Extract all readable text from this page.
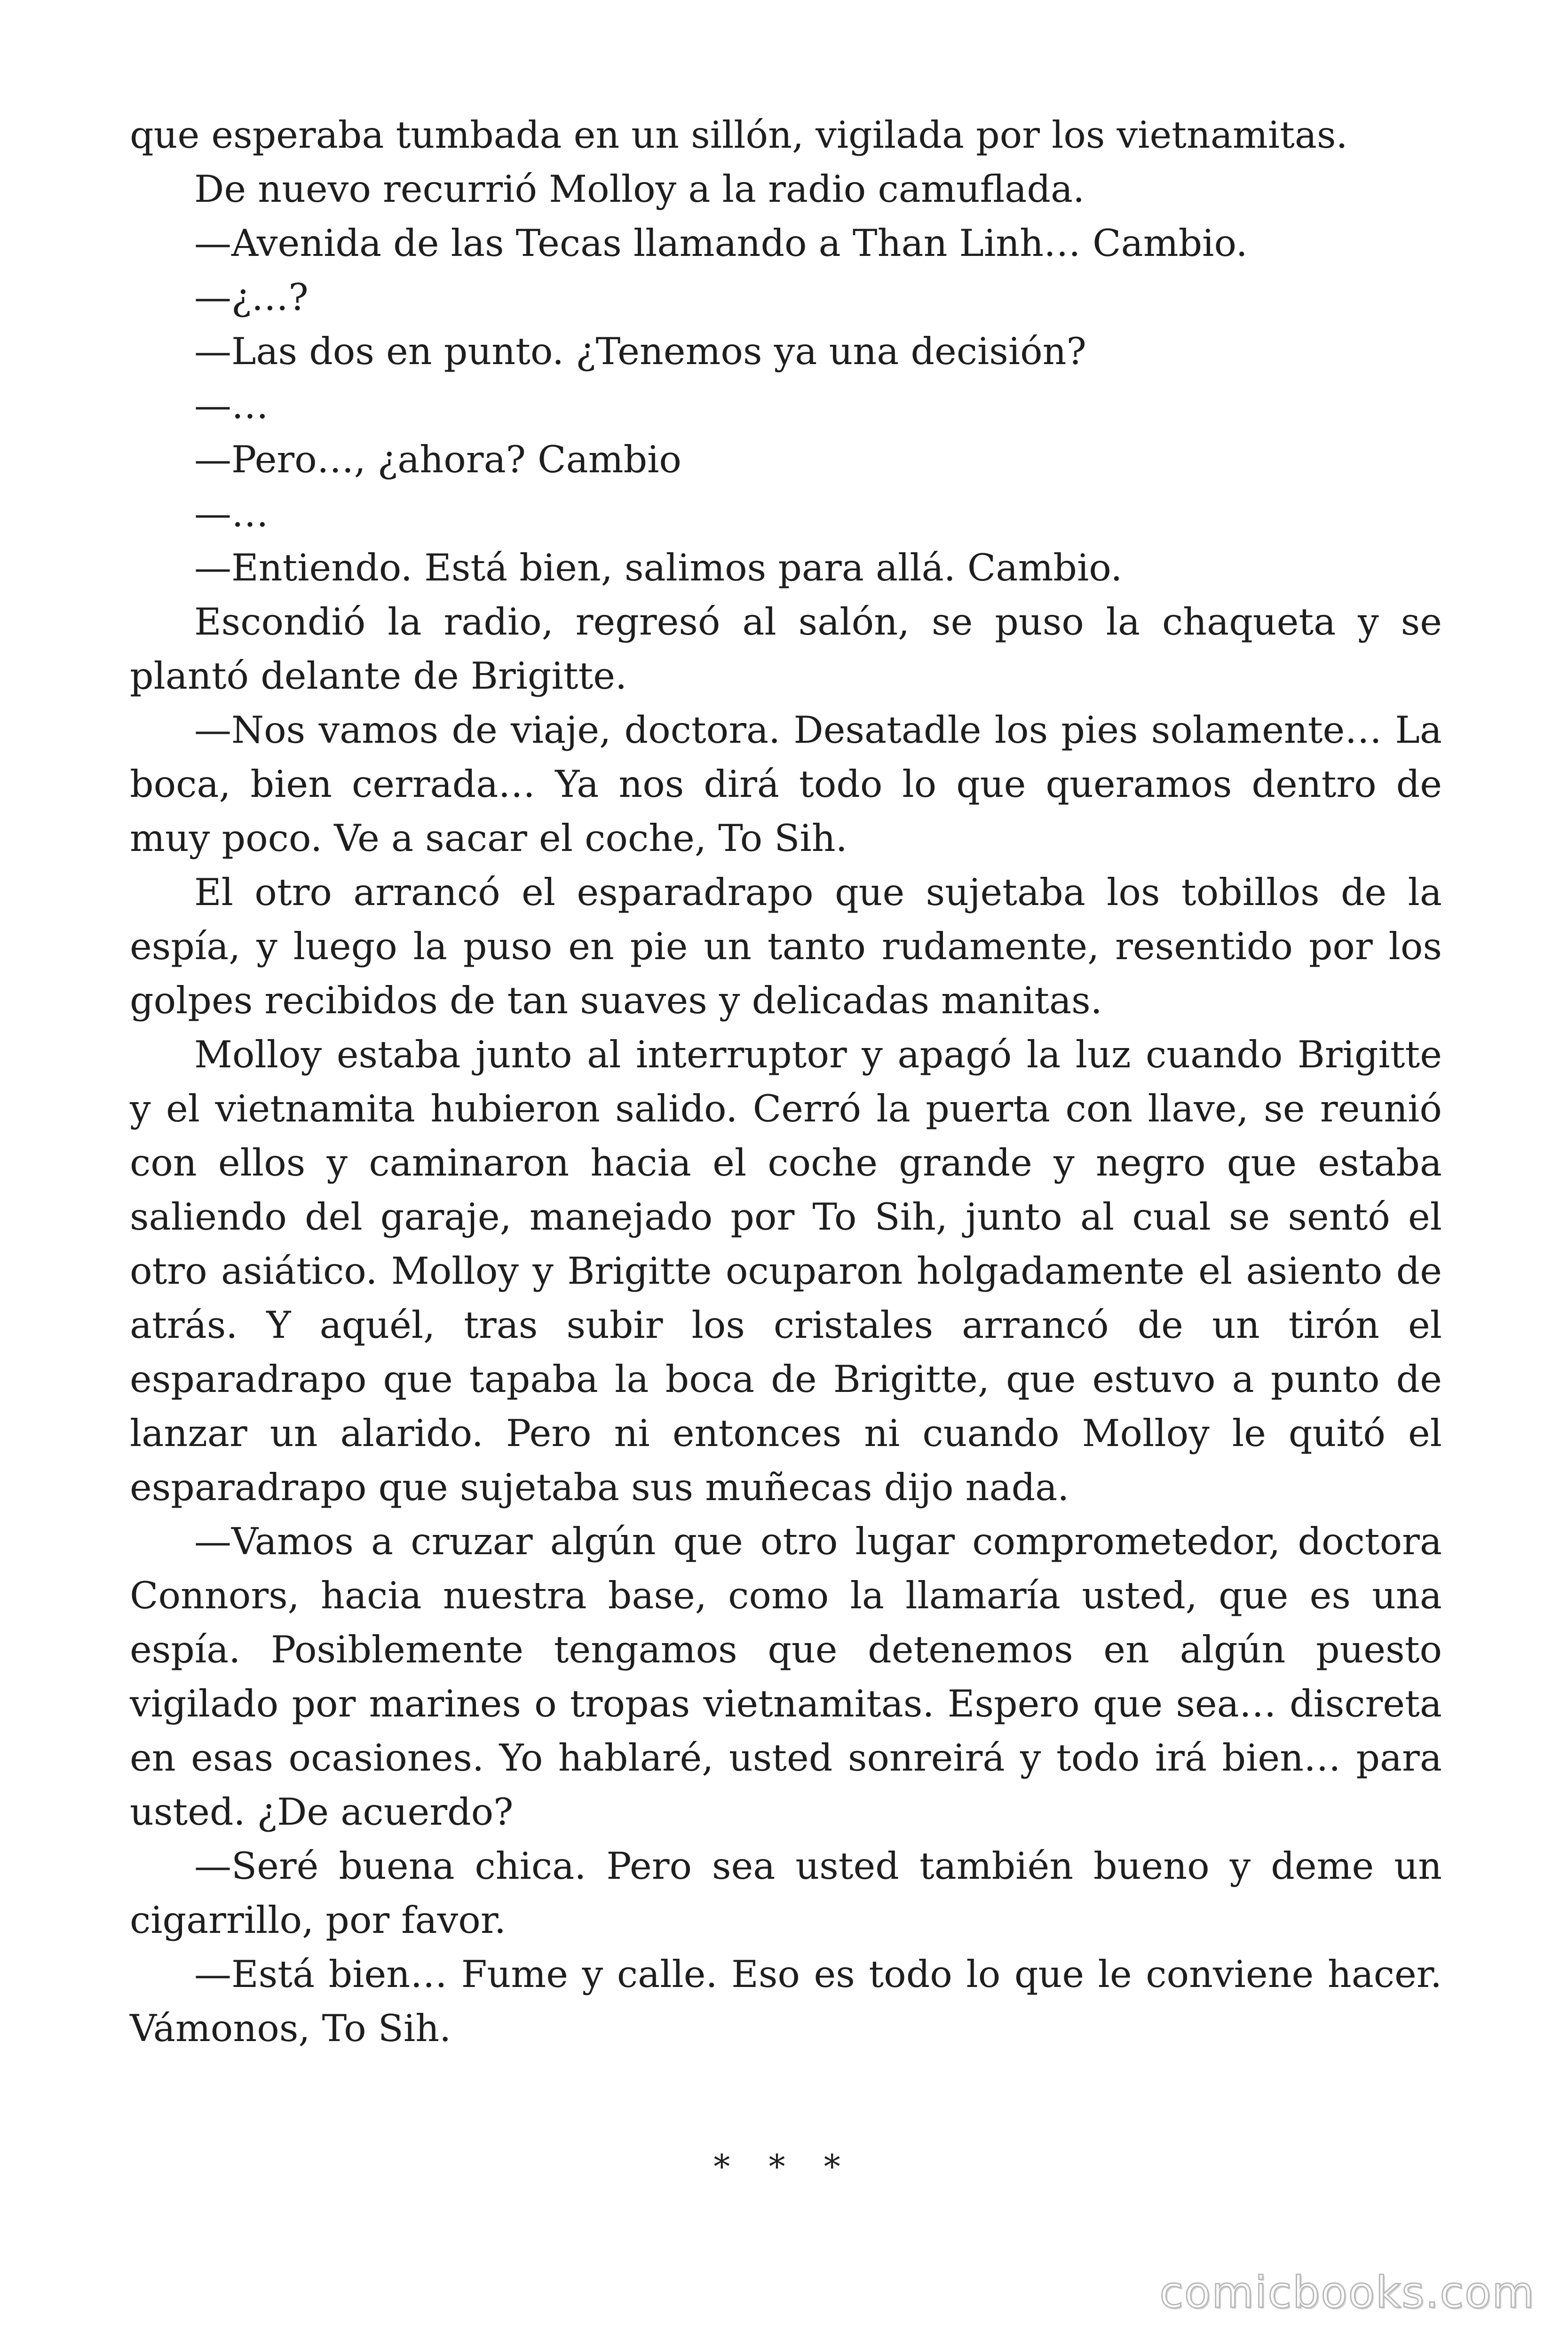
que esperaba tumbada en un sillón, vigilada por los vietnamitas.

De nuevo recurrió Molloy a la radio camuflada.

—Avenida de las Tecas llamando a Than Linh… Cambio.

—¿…?

—Las dos en punto. ¿Tenemos ya una decisión?

—…

—Pero…, ¿ahora? Cambio

—…

—Entiendo. Está bien, salimos para allá. Cambio.

Escondió la radio, regresó al salón, se puso la chaqueta y se plantó delante de Brigitte.

—Nos vamos de viaje, doctora. Desatadle los pies solamente… La boca, bien cerrada… Ya nos dirá todo lo que queramos dentro de muy poco. Ve a sacar el coche, To Sih.

El otro arrancó el esparadrapo que sujetaba los tobillos de la espía, y luego la puso en pie un tanto rudamente, resentido por los golpes recibidos de tan suaves y delicadas manitas.

Molloy estaba junto al interruptor y apagó la luz cuando Brigitte y el vietnamita hubieron salido. Cerró la puerta con llave, se reunió con ellos y caminaron hacia el coche grande y negro que estaba saliendo del garaje, manejado por To Sih, junto al cual se sentó el otro asiático. Molloy y Brigitte ocuparon holgadamente el asiento de atrás. Y aquél, tras subir los cristales arrancó de un tirón el esparadrapo que tapaba la boca de Brigitte, que estuvo a punto de lanzar un alarido. Pero ni entonces ni cuando Molloy le quitó el esparadrapo que sujetaba sus muñecas dijo nada.

—Vamos a cruzar algún que otro lugar comprometedor, doctora Connors, hacia nuestra base, como la llamaría usted, que es una espía. Posiblemente tengamos que detenemos en algún puesto vigilado por marines o tropas vietnamitas. Espero que sea… discreta en esas ocasiones. Yo hablaré, usted sonreirá y todo irá bien… para usted. ¿De acuerdo?

—Seré buena chica. Pero sea usted también bueno y deme un cigarrillo, por favor.

—Está bien… Fume y calle. Eso es todo lo que le conviene hacer. Vámonos, To Sih.

* * *
comicbooks.com
